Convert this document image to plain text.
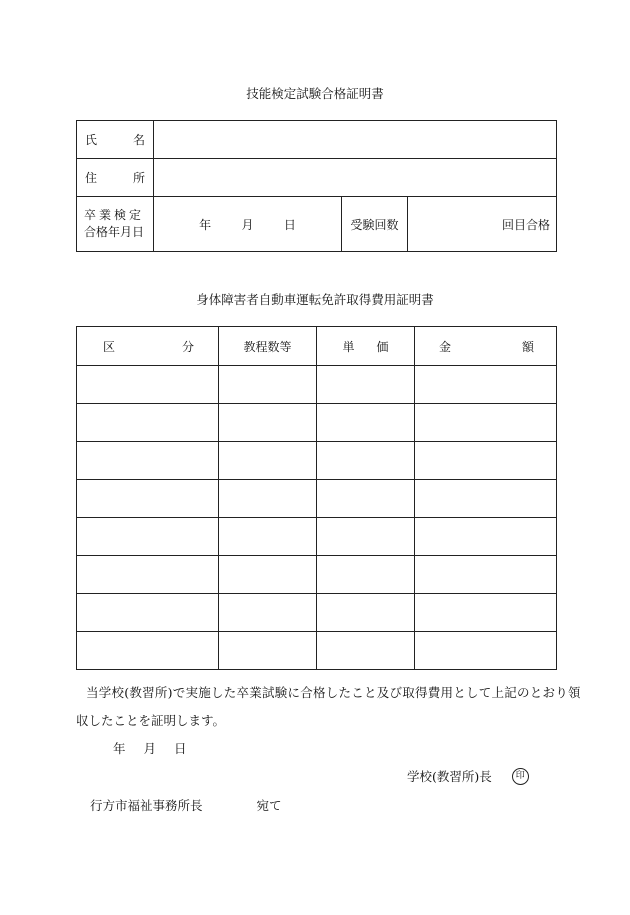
技能検定試験合格証明書
氏 名			

住 所			

卒業検定
合格年月日	年 月 日	受験回数	回目合格
身体障害者自動車運転免許取得費用証明書
区 分	教程数等	単 価	金 額

当学校(教習所)で実施した卒業試験に合格したこと及び取得費用として上記のとおり領
収したことを証明します。
年 月 日
学校(教習所)長	印
行方市福祉事務所長	宛て
